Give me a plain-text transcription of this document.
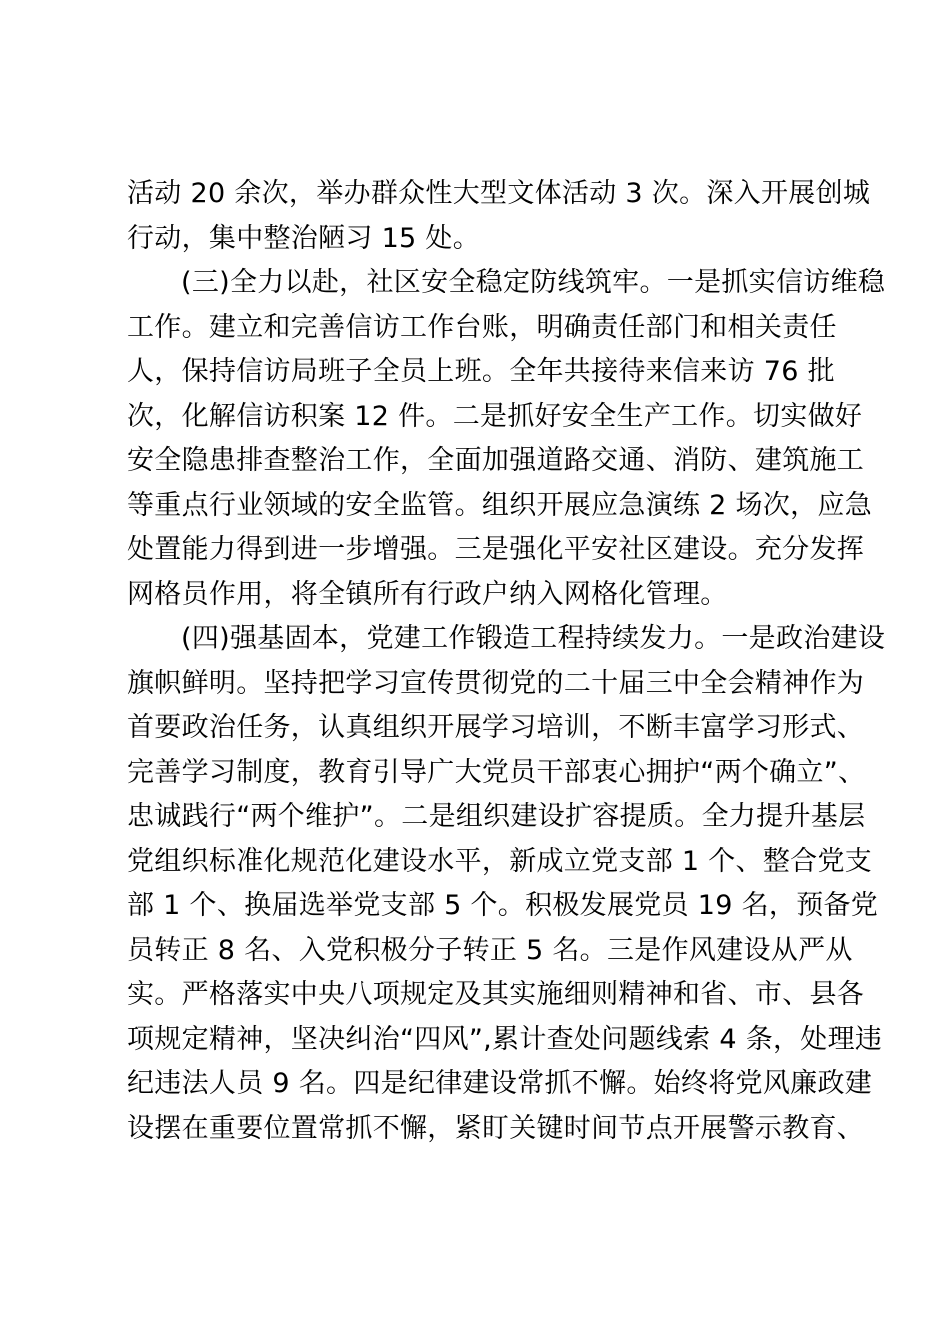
活动 20 余次，举办群众性大型文体活动 3 次。深入开展创城
行动，集中整治陋习 15 处。
(三)全力以赴，社区安全稳定防线筑牢。一是抓实信访维稳
工作。建立和完善信访工作台账，明确责任部门和相关责任
人，保持信访局班子全员上班。全年共接待来信来访 76 批
次，化解信访积案 12 件。二是抓好安全生产工作。切实做好
安全隐患排查整治工作，全面加强道路交通、消防、建筑施工
等重点行业领域的安全监管。组织开展应急演练 2 场次，应急
处置能力得到进一步增强。三是强化平安社区建设。充分发挥
网格员作用，将全镇所有行政户纳入网格化管理。
(四)强基固本，党建工作锻造工程持续发力。一是政治建设
旗帜鲜明。坚持把学习宣传贯彻党的二十届三中全会精神作为
首要政治任务，认真组织开展学习培训，不断丰富学习形式、
完善学习制度，教育引导广大党员干部衷心拥护“两个确立”、
忠诚践行“两个维护”。二是组织建设扩容提质。全力提升基层
党组织标准化规范化建设水平，新成立党支部 1 个、整合党支
部 1 个、换届选举党支部 5 个。积极发展党员 19 名，预备党
员转正 8 名、入党积极分子转正 5 名。三是作风建设从严从
实。严格落实中央八项规定及其实施细则精神和省、市、县各
项规定精神，坚决纠治“四风”,累计查处问题线索 4 条，处理违
纪违法人员 9 名。四是纪律建设常抓不懈。始终将党风廉政建
设摆在重要位置常抓不懈，紧盯关键时间节点开展警示教育、
